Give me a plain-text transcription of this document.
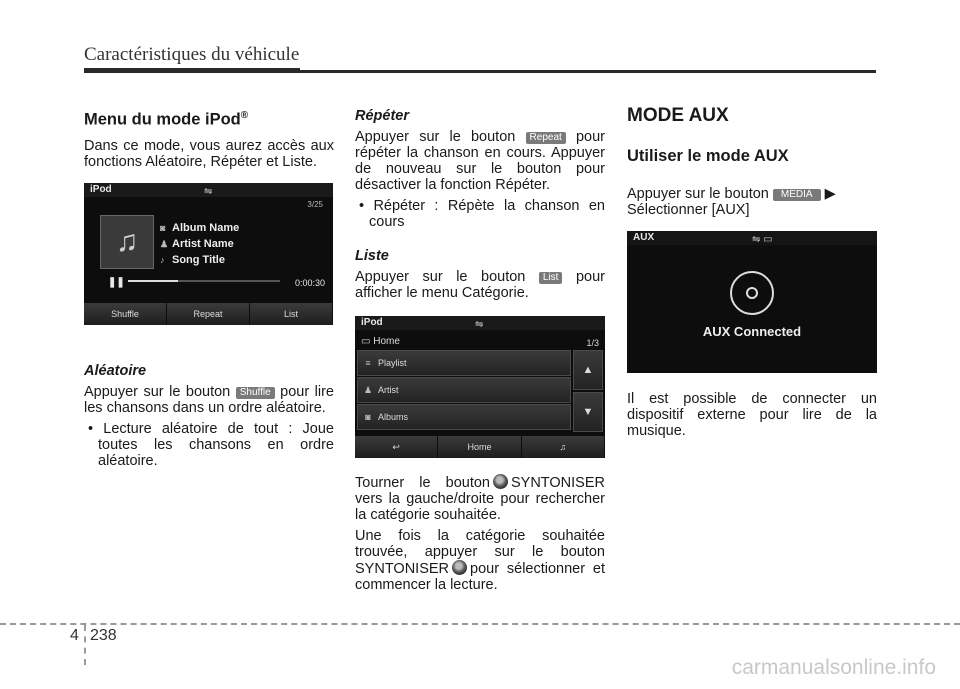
Caractéristiques du véhicule
Menu du mode iPod®

Dans ce mode, vous aurez accès aux fonctions Aléatoire, Répéter et Liste.

iPod	⇋
3/25
♫	◙ Album Name
♟ Artist Name
♪ Song Title
❚❚	0:00:30
Shuffle	Repeat	List
Aléatoire

Appuyer sur le bouton Shuffle pour lire les chansons dans un ordre aléatoire.

• Lecture aléatoire de tout : Joue toutes les chansons en ordre aléatoire.

Répéter

Appuyer sur le bouton Repeat pour répéter la chanson en cours. Appuyer de nouveau sur le bouton pour désactiver la fonction Répéter.

• Répéter : Répète la chanson en cours

Liste

Appuyer sur le bouton List pour afficher le menu Catégorie.

iPod	⇋
▭ Home	1/3
≡ Playlist
♟ Artist
◙ Albums
▲
▼
↩	Home	♫

Tourner le bouton SYNTONISER vers la gauche/droite pour rechercher la catégorie souhaitée.

Une fois la catégorie souhaitée trouvée, appuyer sur le bouton SYNTONISER pour sélectionner et commencer la lecture.

MODE AUX
Utiliser le mode AUX

Appuyer sur le bouton MEDIA ▶ Sélectionner [AUX]

AUX	⇋ ▭
AUX Connected

Il est possible de connecter un dispositif externe pour lire de la musique.

4 238
carmanualsonline.info
